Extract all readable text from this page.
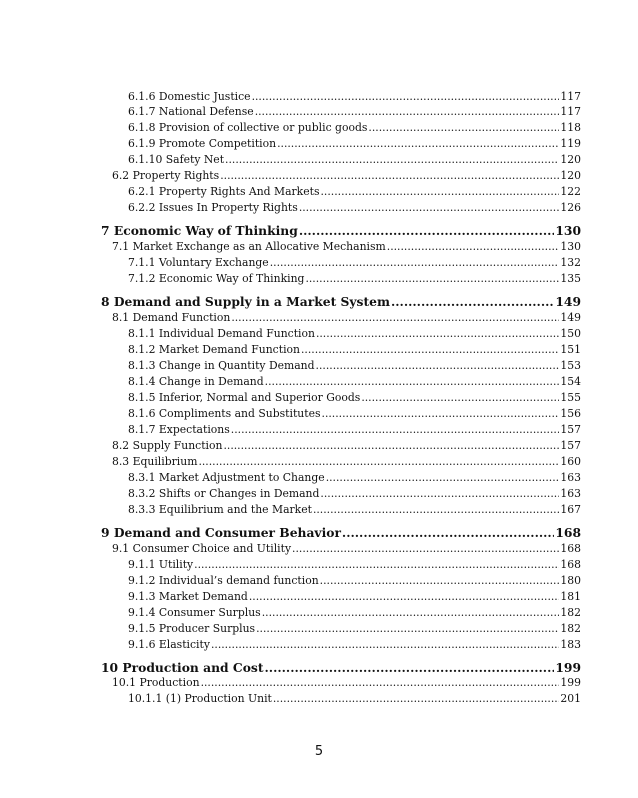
6.1.6 Domestic Justice .....	117
6.1.7 National Defense .....	117
6.1.8 Provision of collective or public goods .....	118
6.1.9 Promote Competition .....	119
6.1.10 Safety Net .....	120
6.2 Property Rights .....	120
6.2.1 Property Rights And Markets .....	122
6.2.2 Issues In Property Rights .....	126
7 Economic Way of Thinking .....	130
7.1 Market Exchange as an Allocative Mechanism .....	130
7.1.1 Voluntary Exchange .....	132
7.1.2 Economic Way of Thinking .....	135
8 Demand and Supply in a Market System .....	149
8.1 Demand Function .....	149
8.1.1 Individual Demand Function .....	150
8.1.2 Market Demand Function .....	151
8.1.3 Change in Quantity Demand .....	153
8.1.4 Change in Demand .....	154
8.1.5 Inferior, Normal and Superior Goods .....	155
8.1.6 Compliments and Substitutes .....	156
8.1.7 Expectations .....	157
8.2 Supply Function .....	157
8.3 Equilibrium .....	160
8.3.1 Market Adjustment to Change .....	163
8.3.2 Shifts or Changes in Demand .....	163
8.3.3 Equilibrium and the Market .....	167
9 Demand and Consumer Behavior .....	168
9.1 Consumer Choice and Utility .....	168
9.1.1 Utility .....	168
9.1.2 Individual’s demand function .....	180
9.1.3 Market Demand .....	181
9.1.4 Consumer Surplus .....	182
9.1.5 Producer Surplus .....	182
9.1.6 Elasticity .....	183
10 Production and Cost .....	199
10.1 Production .....	199
10.1.1 (1) Production Unit .....	201
5
